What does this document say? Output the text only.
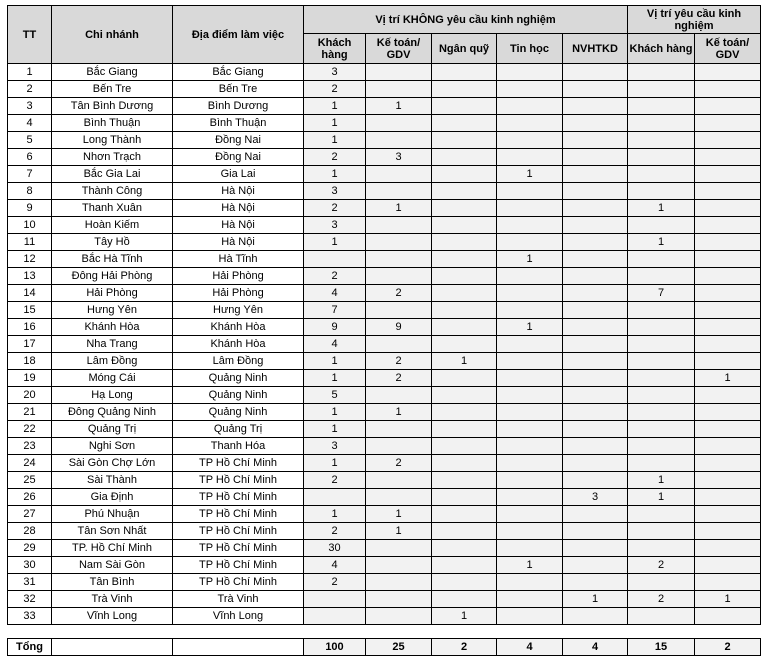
TT	Chi nhánh	Địa điểm làm việc	Vị trí KHÔNG yêu cầu kinh nghiệm					Vị trí yêu cầu kinh nghiệm	
			Khách hàng	Kế toán/ GDV	Ngân quỹ	Tin học	NVHTKD	Khách hàng	Kế toán/ GDV
1	Bắc Giang	Bắc Giang	3						
2	Bến Tre	Bến Tre	2						
3	Tân Bình Dương	Bình Dương	1	1					
4	Bình Thuận	Bình Thuận	1						
5	Long Thành	Đồng Nai	1						
6	Nhơn Trạch	Đồng Nai	2	3					
7	Bắc Gia Lai	Gia Lai	1			1			
8	Thành Công	Hà Nội	3						
9	Thanh Xuân	Hà Nội	2	1				1	
10	Hoàn Kiếm	Hà Nội	3						
11	Tây Hồ	Hà Nội	1					1	
12	Bắc Hà Tĩnh	Hà Tĩnh				1			
13	Đông Hải Phòng	Hải Phòng	2						
14	Hải Phòng	Hải Phòng	4	2				7	
15	Hưng Yên	Hưng Yên	7						
16	Khánh Hòa	Khánh Hòa	9	9		1			
17	Nha Trang	Khánh Hòa	4						
18	Lâm Đồng	Lâm Đồng	1	2	1				
19	Móng Cái	Quảng Ninh	1	2					1
20	Hạ Long	Quảng Ninh	5						
21	Đông Quảng Ninh	Quảng Ninh	1	1					
22	Quảng Trị	Quảng Trị	1						
23	Nghi Sơn	Thanh Hóa	3						
24	Sài Gòn Chợ Lớn	TP Hồ Chí Minh	1	2					
25	Sài Thành	TP Hồ Chí Minh	2					1	
26	Gia Định	TP Hồ Chí Minh					3	1	
27	Phú Nhuận	TP Hồ Chí Minh	1	1					
28	Tân Sơn Nhất	TP Hồ Chí Minh	2	1					
29	TP. Hồ Chí Minh	TP Hồ Chí Minh	30						
30	Nam Sài Gòn	TP Hồ Chí Minh	4			1		2	
31	Tân Bình	TP Hồ Chí Minh	2						
32	Trà Vinh	Trà Vinh					1	2	1
33	Vĩnh Long	Vĩnh Long			1				
Tổng			100	25	2	4	4	15	2
